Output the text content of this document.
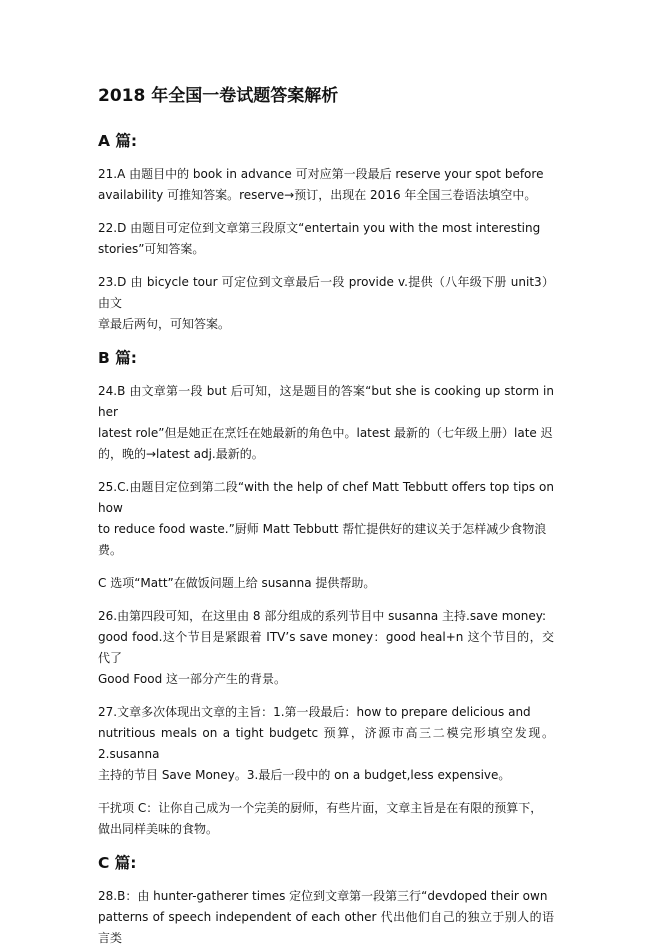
2018 年全国一卷试题答案解析
A 篇:

21.A 由题目中的 book in advance 可对应第一段最后 reserve your spot before
availability 可推知答案。reserve→预订，出现在 2016 年全国三卷语法填空中。

22.D 由题目可定位到文章第三段原文“entertain you with the most interesting
stories”可知答案。

23.D 由 bicycle tour 可定位到文章最后一段 provide v.提供（八年级下册 unit3）由文
章最后两句，可知答案。

B 篇:

24.B 由文章第一段 but 后可知，这是题目的答案“but she is cooking up storm in her
latest role”但是她正在烹饪在她最新的角色中。latest 最新的（七年级上册）late 迟
的，晚的→latest adj.最新的。

25.C.由题目定位到第二段“with the help of chef Matt Tebbutt offers top tips on how
to reduce food waste.”厨师 Matt Tebbutt 帮忙提供好的建议关于怎样减少食物浪
费。

C 选项“Matt”在做饭问题上给 susanna 提供帮助。

26.由第四段可知，在这里由 8 部分组成的系列节目中 susanna 主持.save money:
good food.这个节目是紧跟着 ITV’s save money：good heal+n 这个节目的，交代了
Good Food 这一部分产生的背景。

27.文章多次体现出文章的主旨：1.第一段最后：how to prepare delicious and
nutritious meals on a tight budgetc 预算，济源市高三二模完形填空发现。2.susanna
主持的节目 Save Money。3.最后一段中的 on a budget,less expensive。

干扰项 C：让你自己成为一个完美的厨师，有些片面，文章主旨是在有限的预算下，
做出同样美味的食物。

C 篇:

28.B：由 hunter-gatherer times 定位到文章第一段第三行“devdoped their own
patterns of speech independent of each other 代出他们自己的独立于别人的语言类
